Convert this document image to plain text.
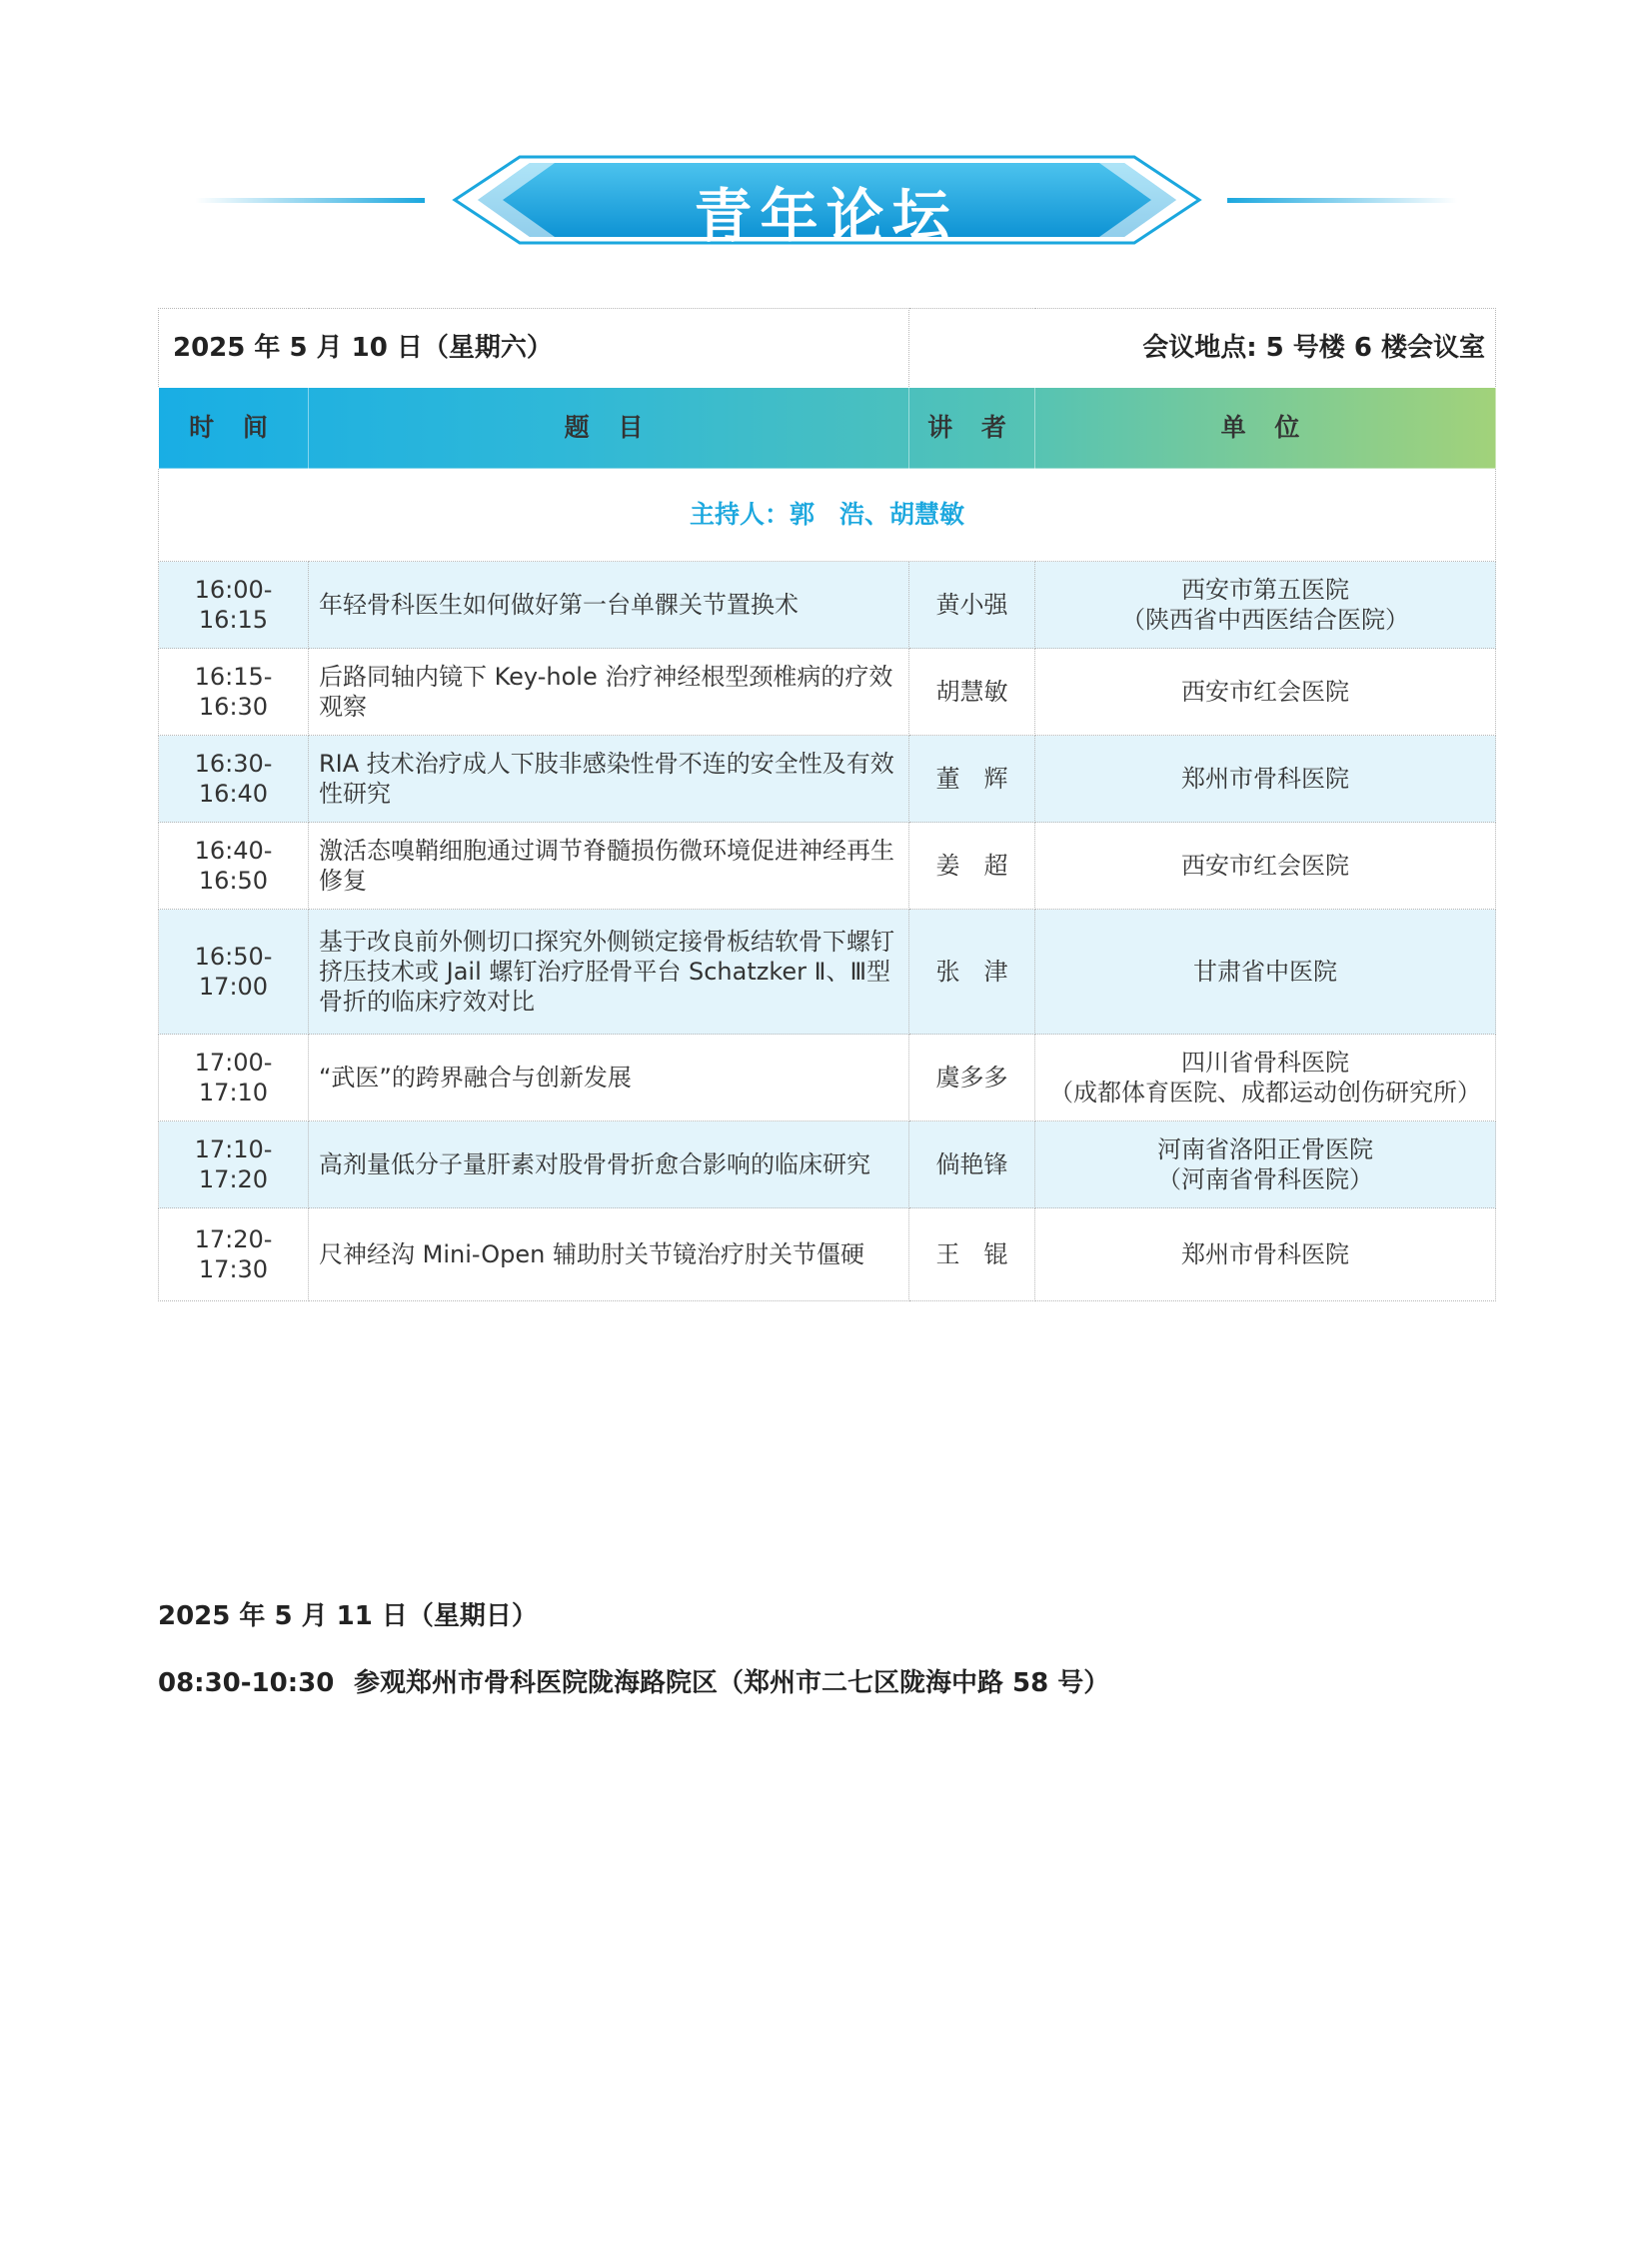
青年论坛
2025 年 5 月 10 日（星期六）		会议地点: 5 号楼 6 楼会议室	
时 间	题 目	讲 者	单 位
主持人：郭　浩、胡慧敏			
16:00-16:15	年轻骨科医生如何做好第一台单髁关节置换术	黄小强	西安市第五医院
（陕西省中西医结合医院）

16:15-16:30	后路同轴内镜下 Key-hole 治疗神经根型颈椎病的疗效观察	胡慧敏	西安市红会医院

16:30-16:40	RIA 技术治疗成人下肢非感染性骨不连的安全性及有效性研究	董　辉	郑州市骨科医院

16:40-16:50	激活态嗅鞘细胞通过调节脊髓损伤微环境促进神经再生修复	姜　超	西安市红会医院

16:50-17:00	基于改良前外侧切口探究外侧锁定接骨板结软骨下螺钉挤压技术或 Jail 螺钉治疗胫骨平台 Schatzker Ⅱ、Ⅲ型骨折的临床疗效对比	张　津	甘肃省中医院

17:00-17:10	“武医”的跨界融合与创新发展	虞多多	四川省骨科医院
（成都体育医院、成都运动创伤研究所）

17:10-17:20	高剂量低分子量肝素对股骨骨折愈合影响的临床研究	倘艳锋	河南省洛阳正骨医院
（河南省骨科医院）

17:20-17:30	尺神经沟 Mini-Open 辅助肘关节镜治疗肘关节僵硬	王　锟	郑州市骨科医院
2025 年 5 月 11 日（星期日）
08:30-10:30 参观郑州市骨科医院陇海路院区（郑州市二七区陇海中路 58 号）
